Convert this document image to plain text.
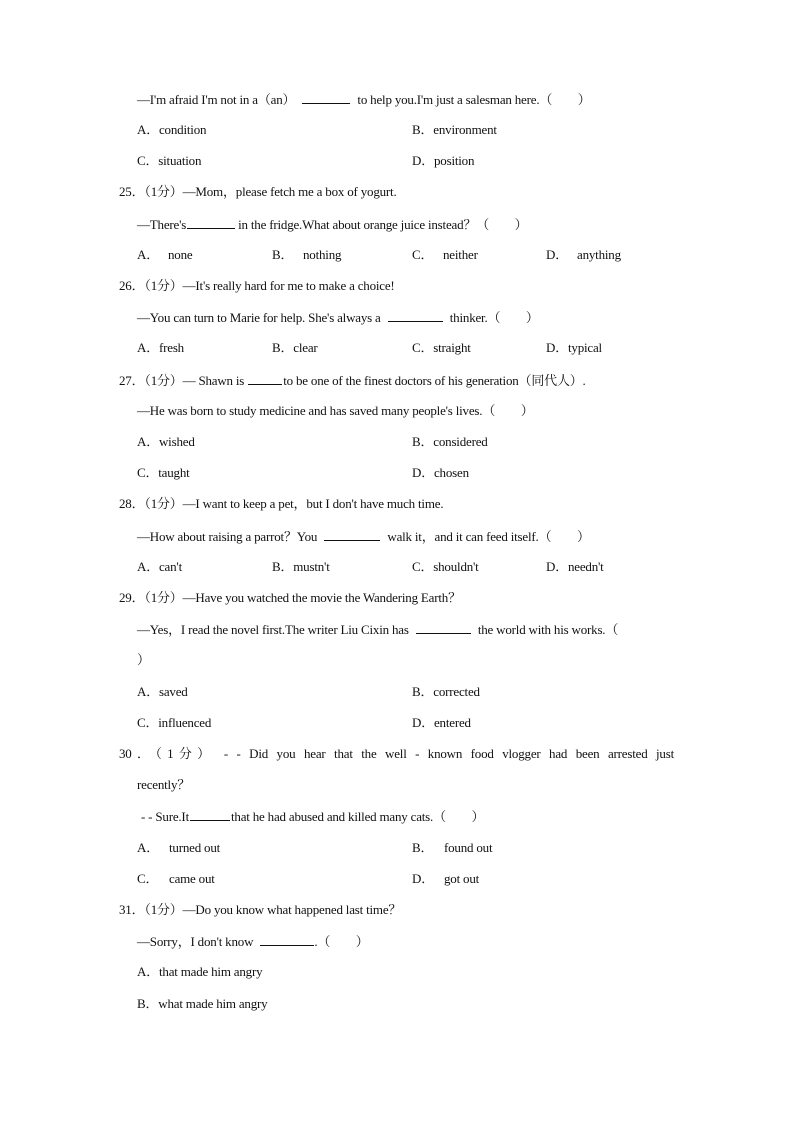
—I'm afraid I'm not in a（an）	to help you.I'm just a salesman here.（　　）
A．condition	B．environment
C．situation	D．position
25．（1分）—Mom，please fetch me a box of yogurt.
—There's	in the fridge.What about orange juice instead？（　　）
A． none	B． nothing	C． neither	D． anything
26．（1分）—It's really hard for me to make a choice!
—You can turn to Marie for help. She's always a	thinker.（　　）
A．fresh	B．clear	C．straight	D．typical
27．（1分）— Shawn is	to be one of the finest doctors of his generation（同代人）.
—He was born to study medicine and has saved many people's lives.（　　）
A．wished	B．considered
C．taught	D．chosen
28．（1分）—I want to keep a pet，but I don't have much time.
—How about raising a parrot？You	walk it，and it can feed itself.（　　）
A．can't	B．mustn't	C．shouldn't	D．needn't
29．（1分）—Have you watched the movie the Wandering Earth？
—Yes，I read the novel first.The writer Liu Cixin has	the world with his works.（
）
A．saved	B．corrected
C．influenced	D．entered
30．（1分） - - Did you hear that the well - known food vlogger had been arrested just
recently？
- - Sure.It	that he had abused and killed many cats.（　　）
A． turned out	B． found out
C． came out	D． got out
31．（1分）—Do you know what happened last time？
—Sorry，I don't know	.（　　）
A．that made him angry
B．what made him angry
